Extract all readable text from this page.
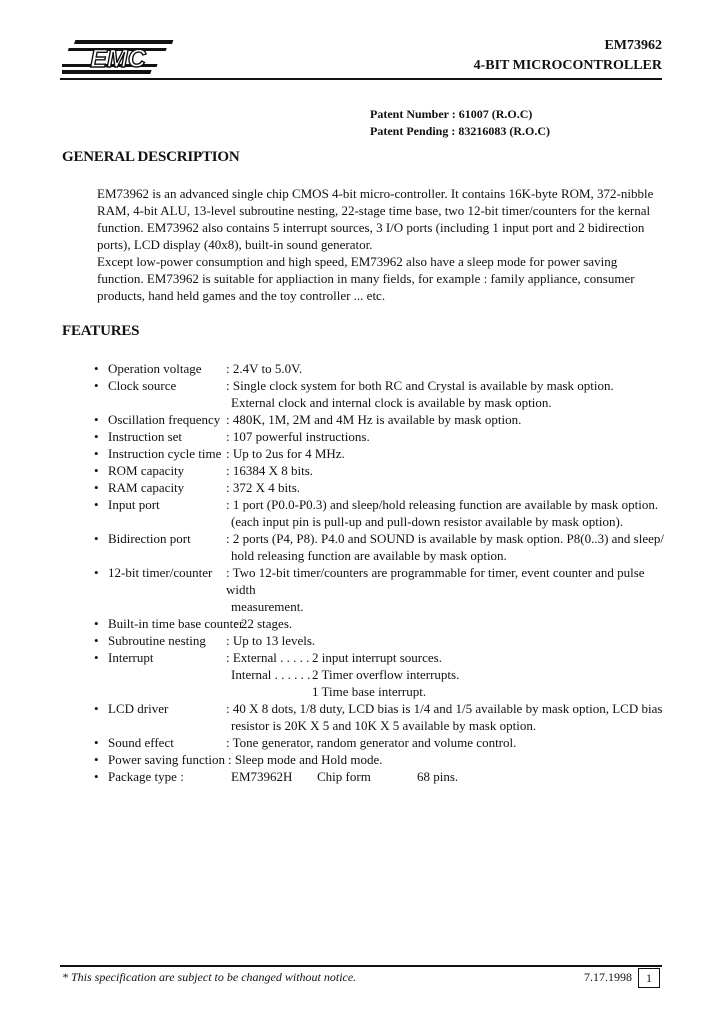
EMC	EM73962
4-BIT MICROCONTROLLER
Patent Number : 61007 (R.O.C)
Patent Pending : 83216083 (R.O.C)
GENERAL DESCRIPTION

EM73962 is an advanced single chip CMOS 4-bit micro-controller. It contains 16K-byte ROM, 372-nibble RAM, 4-bit ALU, 13-level subroutine nesting, 22-stage time base, two 12-bit timer/counters for the kernal function. EM73962 also contains 5 interrupt sources, 3 I/O ports (including 1 input port and 2 bidirection ports), LCD display (40x8), built-in sound generator.

Except low-power consumption and high speed, EM73962 also have a sleep mode for power saving function. EM73962 is suitable for appliaction in many fields, for example : family appliance, consumer products, hand held games and the toy controller ... etc.

FEATURES
• Operation voltage : 2.4V to 5.0V.
• Clock source	: Single clock system for both RC and Crystal is available by mask option.
External clock and internal clock is available by mask option.
• Oscillation frequency : 480K, 1M, 2M and 4M Hz is available by mask option.
• Instruction set	: 107 powerful instructions.
• Instruction cycle time : Up to 2us for 4 MHz.
• ROM capacity	: 16384 X 8 bits.
• RAM capacity	: 372 X 4 bits.
• Input port	: 1 port (P0.0-P0.3) and sleep/hold releasing function are available by mask option.
(each input pin is pull-up and pull-down resistor available by mask option).
• Bidirection port	: 2 ports (P4, P8). P4.0 and SOUND is available by mask option. P8(0..3) and sleep/
hold releasing function are available by mask option.
• 12-bit timer/counter : Two 12-bit timer/counters are programmable for timer, event counter and pulse width
measurement.
• Built-in time base counter
: 22 stages.
• Subroutine nesting : Up to 13 levels.
• Interrupt	: External . . . . . 2 input interrupt sources.
Internal . . . . . . 2 Timer overflow interrupts.
1 Time base interrupt.
• LCD driver	: 40 X 8 dots, 1/8 duty, LCD bias is 1/4 and 1/5 available by mask option, LCD bias
resistor is 20K X 5 and 10K X 5 available by mask option.
• Sound effect	: Tone generator, random generator and volume control.
• Power saving function : Sleep mode and Hold mode.
• Package type :	EM73962H Chip form	68 pins.
* This specification are subject to be changed without notice.	7.17.1998	1
